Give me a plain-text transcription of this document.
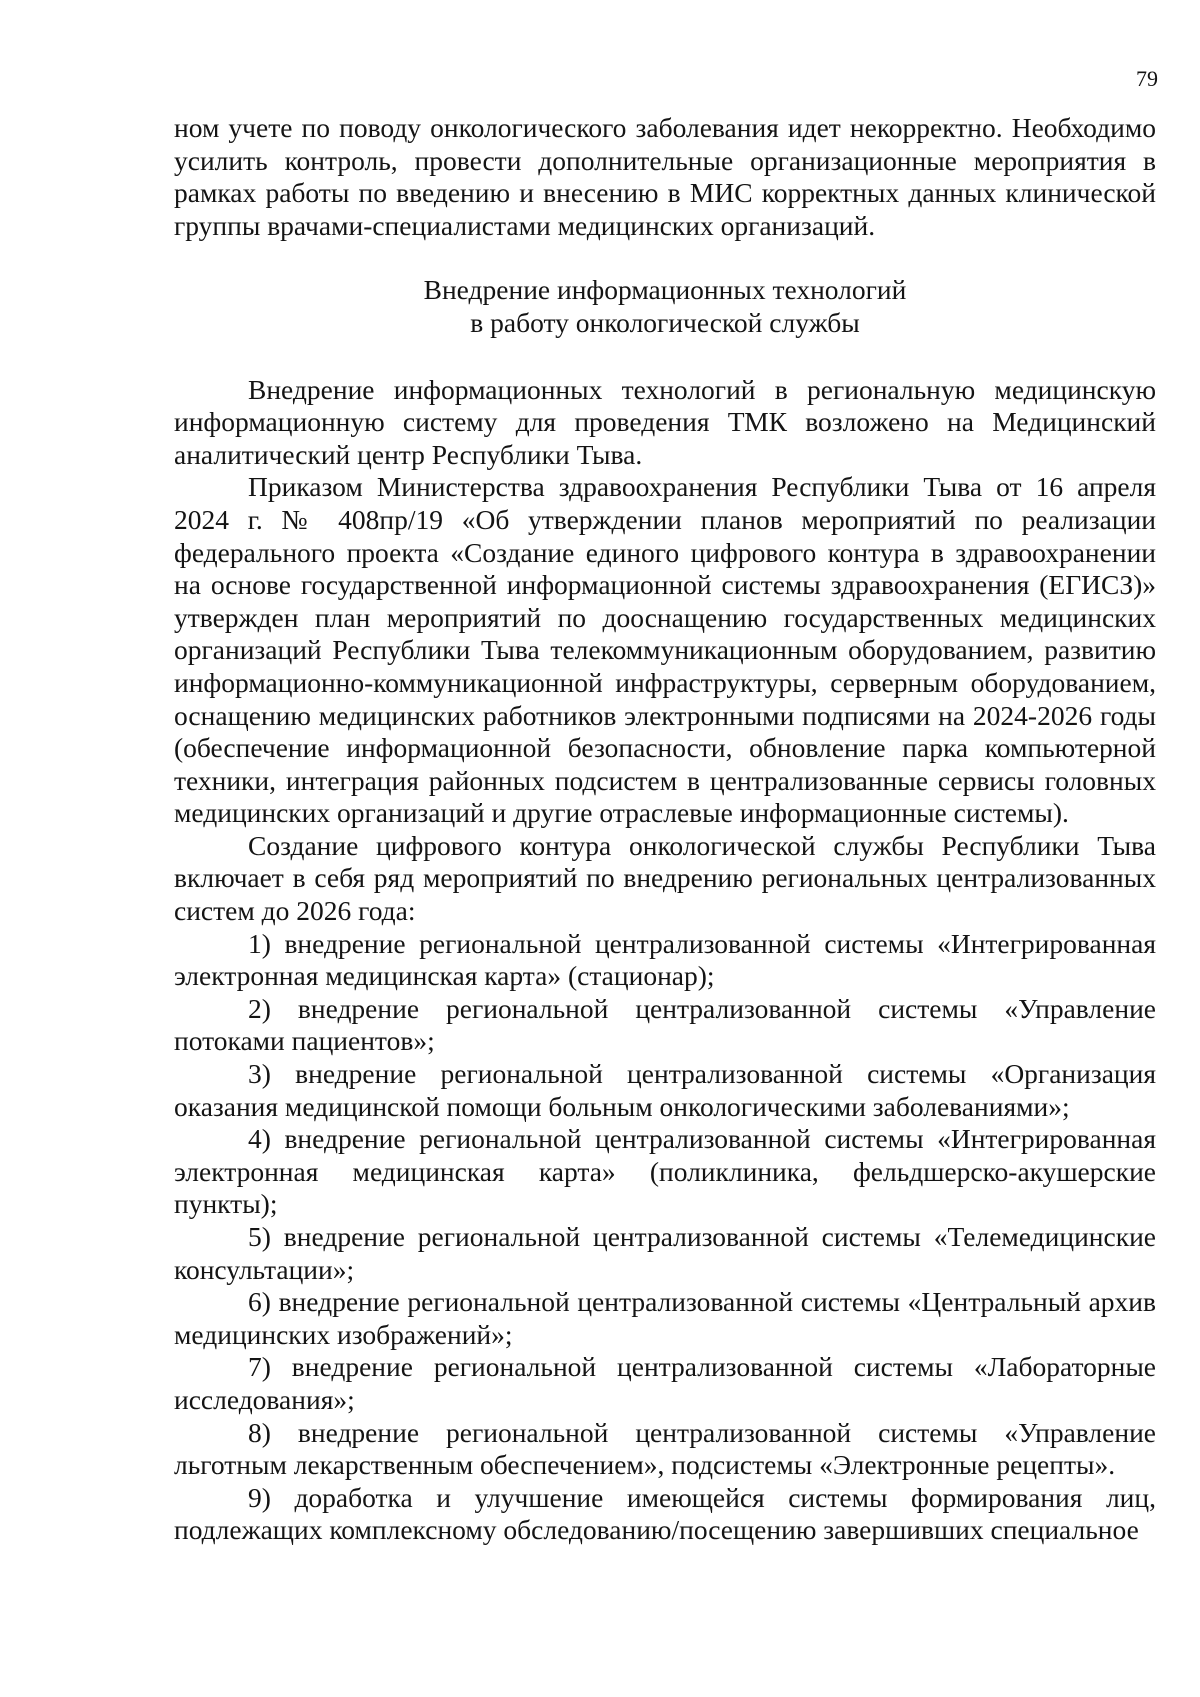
79

ном учете по поводу онкологического заболевания идет некорректно. Необходимо усилить контроль, провести дополнительные организационные мероприятия в рамках работы по введению и внесению в МИС корректных данных клинической группы врачами-специалистами медицинских организаций.

Внедрение информационных технологий
в работу онкологической службы

Внедрение информационных технологий в региональную медицинскую информационную систему для проведения ТМК возложено на Медицинский аналитический центр Республики Тыва.

Приказом Министерства здравоохранения Республики Тыва от 16 апреля 2024 г. № 408пр/19 «Об утверждении планов мероприятий по реализации федерального проекта «Создание единого цифрового контура в здравоохранении на основе государственной информационной системы здравоохранения (ЕГИСЗ)» утвержден план мероприятий по дооснащению государственных медицинских организаций Республики Тыва телекоммуникационным оборудованием, развитию информационно-коммуникационной инфраструктуры, серверным оборудованием, оснащению медицинских работников электронными подписями на 2024-2026 годы (обеспечение информационной безопасности, обновление парка компьютерной техники, интеграция районных подсистем в централизованные сервисы головных медицинских организаций и другие отраслевые информационные системы).

Создание цифрового контура онкологической службы Республики Тыва включает в себя ряд мероприятий по внедрению региональных централизованных систем до 2026 года:

1) внедрение региональной централизованной системы «Интегрированная электронная медицинская карта» (стационар);

2) внедрение региональной централизованной системы «Управление потоками пациентов»;

3) внедрение региональной централизованной системы «Организация оказания медицинской помощи больным онкологическими заболеваниями»;

4) внедрение региональной централизованной системы «Интегрированная электронная медицинская карта» (поликлиника, фельдшерско-акушерские пункты);

5) внедрение региональной централизованной системы «Телемедицинские консультации»;

6) внедрение региональной централизованной системы «Центральный архив медицинских изображений»;

7) внедрение региональной централизованной системы «Лабораторные исследования»;

8) внедрение региональной централизованной системы «Управление льготным лекарственным обеспечением», подсистемы «Электронные рецепты».

9) доработка и улучшение имеющейся системы формирования лиц, подлежащих комплексному обследованию/посещению завершивших специальное
